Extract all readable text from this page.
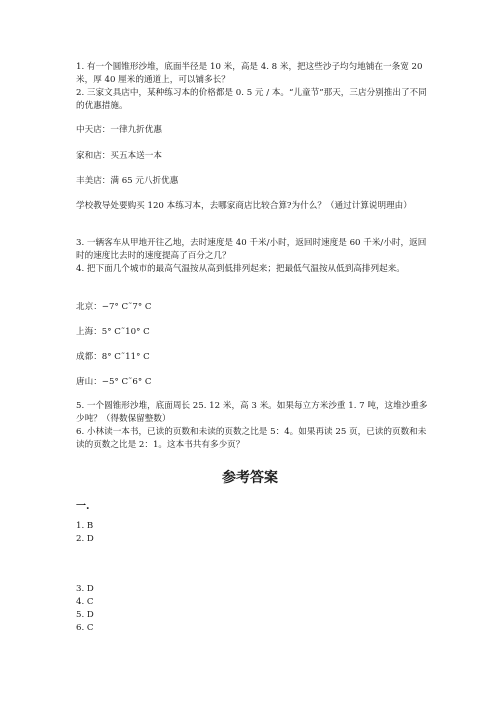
1. 有一个圆锥形沙堆，底面半径是 10 米，高是 4. 8 米，把这些沙子均匀地铺在一条宽 20 米，厚 40 厘米的通道上，可以铺多长？

2. 三家文具店中，某种练习本的价格都是 0. 5 元 / 本。“儿童节”那天，三店分别推出了不同的优惠措施。

中天店：一律九折优惠

家和店：买五本送一本

丰美店：满 65 元八折优惠

学校教导处要购买 120 本练习本，去哪家商店比较合算?为什么？（通过计算说明理由）

3. 一辆客车从甲地开往乙地，去时速度是 40 千米/小时，返回时速度是 60 千米/小时，返回时的速度比去时的速度提高了百分之几？

4. 把下面几个城市的最高气温按从高到低排列起来；把最低气温按从低到高排列起来。

北京：−7° C˜7° C

上海：5° C˜10° C

成都：8° C˜11° C

唐山：−5° C˜6° C

5. 一个圆锥形沙堆，底面周长 25. 12 米，高 3 米。如果每立方米沙重 1. 7 吨，这堆沙重多少吨？（得数保留整数）

6. 小林读一本书，已读的页数和未读的页数之比是 5：4。如果再读 25 页，已读的页数和未读的页数之比是 2：1。这本书共有多少页？

参考答案

一.

1. B

2. D

3. D

4. C

5. D

6. C
